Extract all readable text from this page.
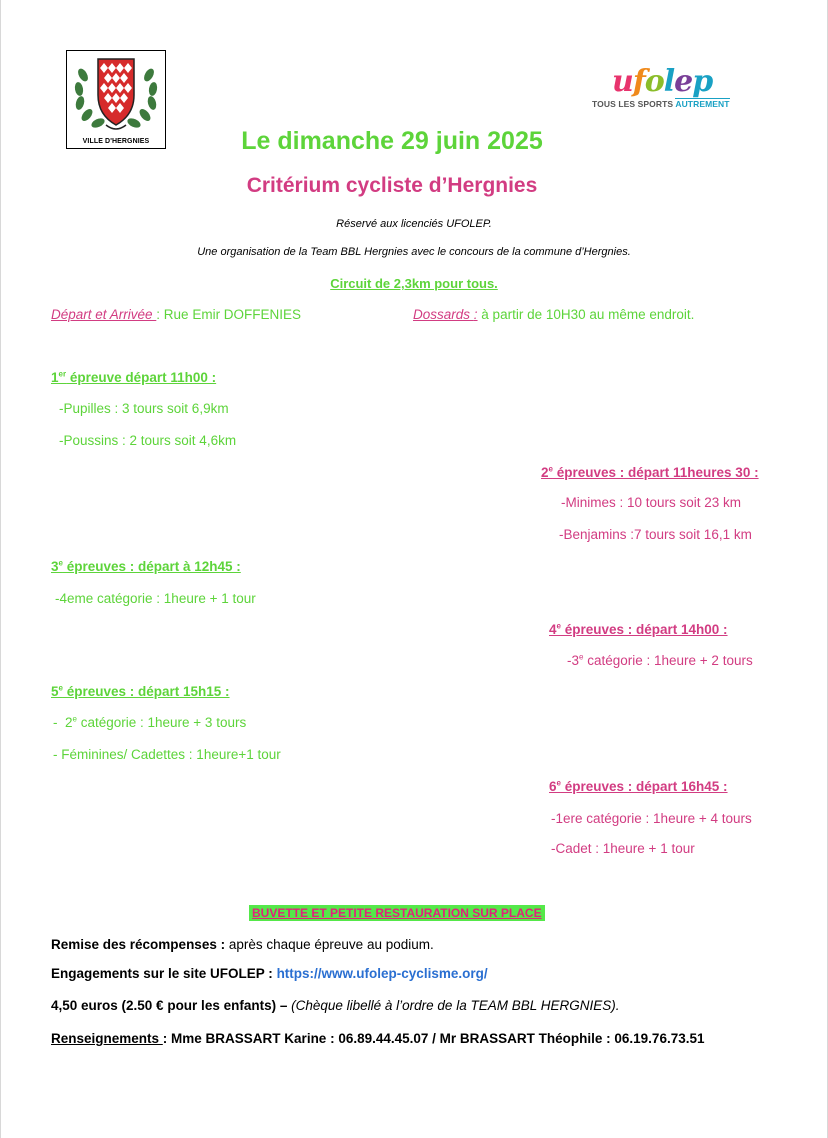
VILLE D'HERGNIES
ufolep
TOUS LES SPORTS AUTREMENT
Le dimanche 29 juin 2025
Critérium cycliste d’Hergnies
Réservé aux licenciés UFOLEP.
Une organisation de la Team BBL Hergnies avec le concours de la commune d’Hergnies.
Circuit de 2,3km pour tous.
Départ et Arrivée : Rue Emir DOFFENIES	Dossards : à partir de 10H30 au même endroit.
1er épreuve départ 11h00 :
-Pupilles : 3 tours soit 6,9km
-Poussins : 2 tours soit 4,6km
2e épreuves : départ 11heures 30 :
-Minimes : 10 tours soit 23 km
-Benjamins :7 tours soit 16,1 km
3e épreuves : départ à 12h45 :
-4eme catégorie : 1heure + 1 tour
4e épreuves : départ 14h00 :
-3e catégorie : 1heure + 2 tours
5e épreuves : départ 15h15 :
-  2e catégorie : 1heure + 3 tours
- Féminines/ Cadettes : 1heure+1 tour
6e épreuves : départ 16h45 :
-1ere catégorie : 1heure + 4 tours
-Cadet : 1heure + 1 tour
BUVETTE ET PETITE RESTAURATION SUR PLACE
Remise des récompenses : après chaque épreuve au podium.
Engagements sur le site UFOLEP : https://www.ufolep-cyclisme.org/
4,50 euros (2.50 € pour les enfants) – (Chèque libellé à l’ordre de la TEAM BBL HERGNIES).
Renseignements : Mme BRASSART Karine : 06.89.44.45.07 / Mr BRASSART Théophile : 06.19.76.73.51
